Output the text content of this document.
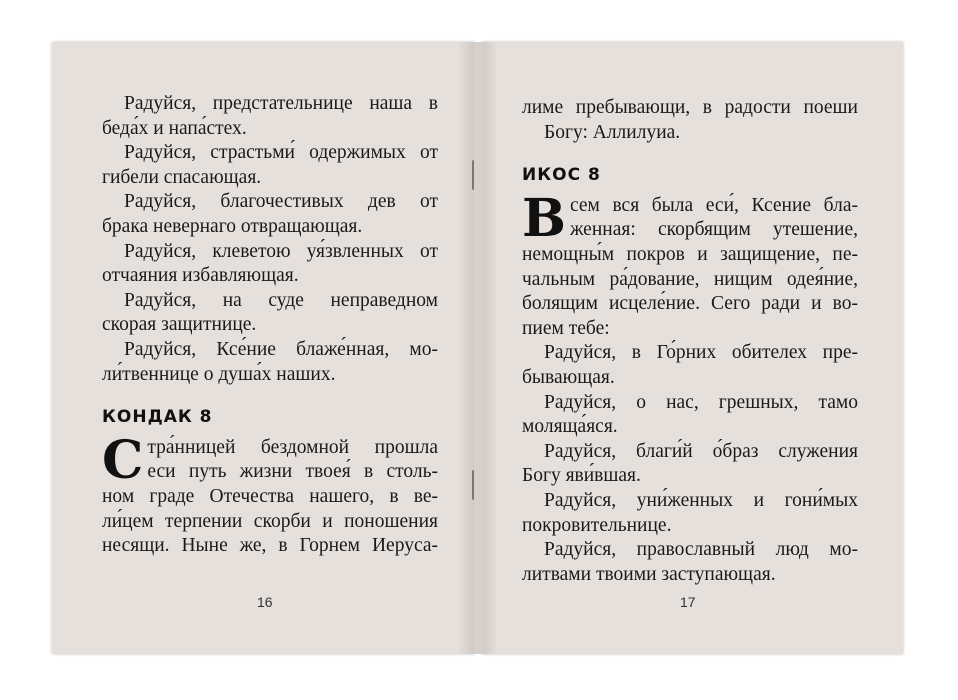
Радуйся, предстательнице наша в
беда́х и напа́стех.
Радуйся, страстьми́ одержимых от
гибели спасающая.
Радуйся, благочестивых дев от
брака невернаго отвращающая.
Радуйся, клеветою уя́звленных от
отчаяния избавляющая.
Радуйся, на суде неправедном
скорая защитнице.
Радуйся, Ксе́ние блаже́нная, мо-
ли́твеннице о душа́х наших.
КОНДАК 8
С тра́нницей бездомной прошла
еси путь жизни твоея́ в столь-
ном граде Отечества нашего, в ве-
ли́цем терпении скорби и поношения
несящи. Ныне же, в Горнем Иеруса-
16
лиме пребывающи, в радости поеши
Богу: Аллилуиа.
ИКОС 8
В сем вся была еси́, Ксение бла-
женная: скорбящим утешение,
немощны́м покров и защищение, пе-
чальным ра́дование, нищим одея́ние,
болящим исцеле́ние. Сего ради и во-
пием тебе:
Радуйся, в Го́рних обителех пре-
бывающая.
Радуйся, о нас, грешных, тамо
моляща́яся.
Радуйся, благи́й о́браз служения
Богу яви́вшая.
Радуйся, уни́женных и гони́мых
покровительнице.
Радуйся, православный люд мо-
литвами твоими заступающая.
17
